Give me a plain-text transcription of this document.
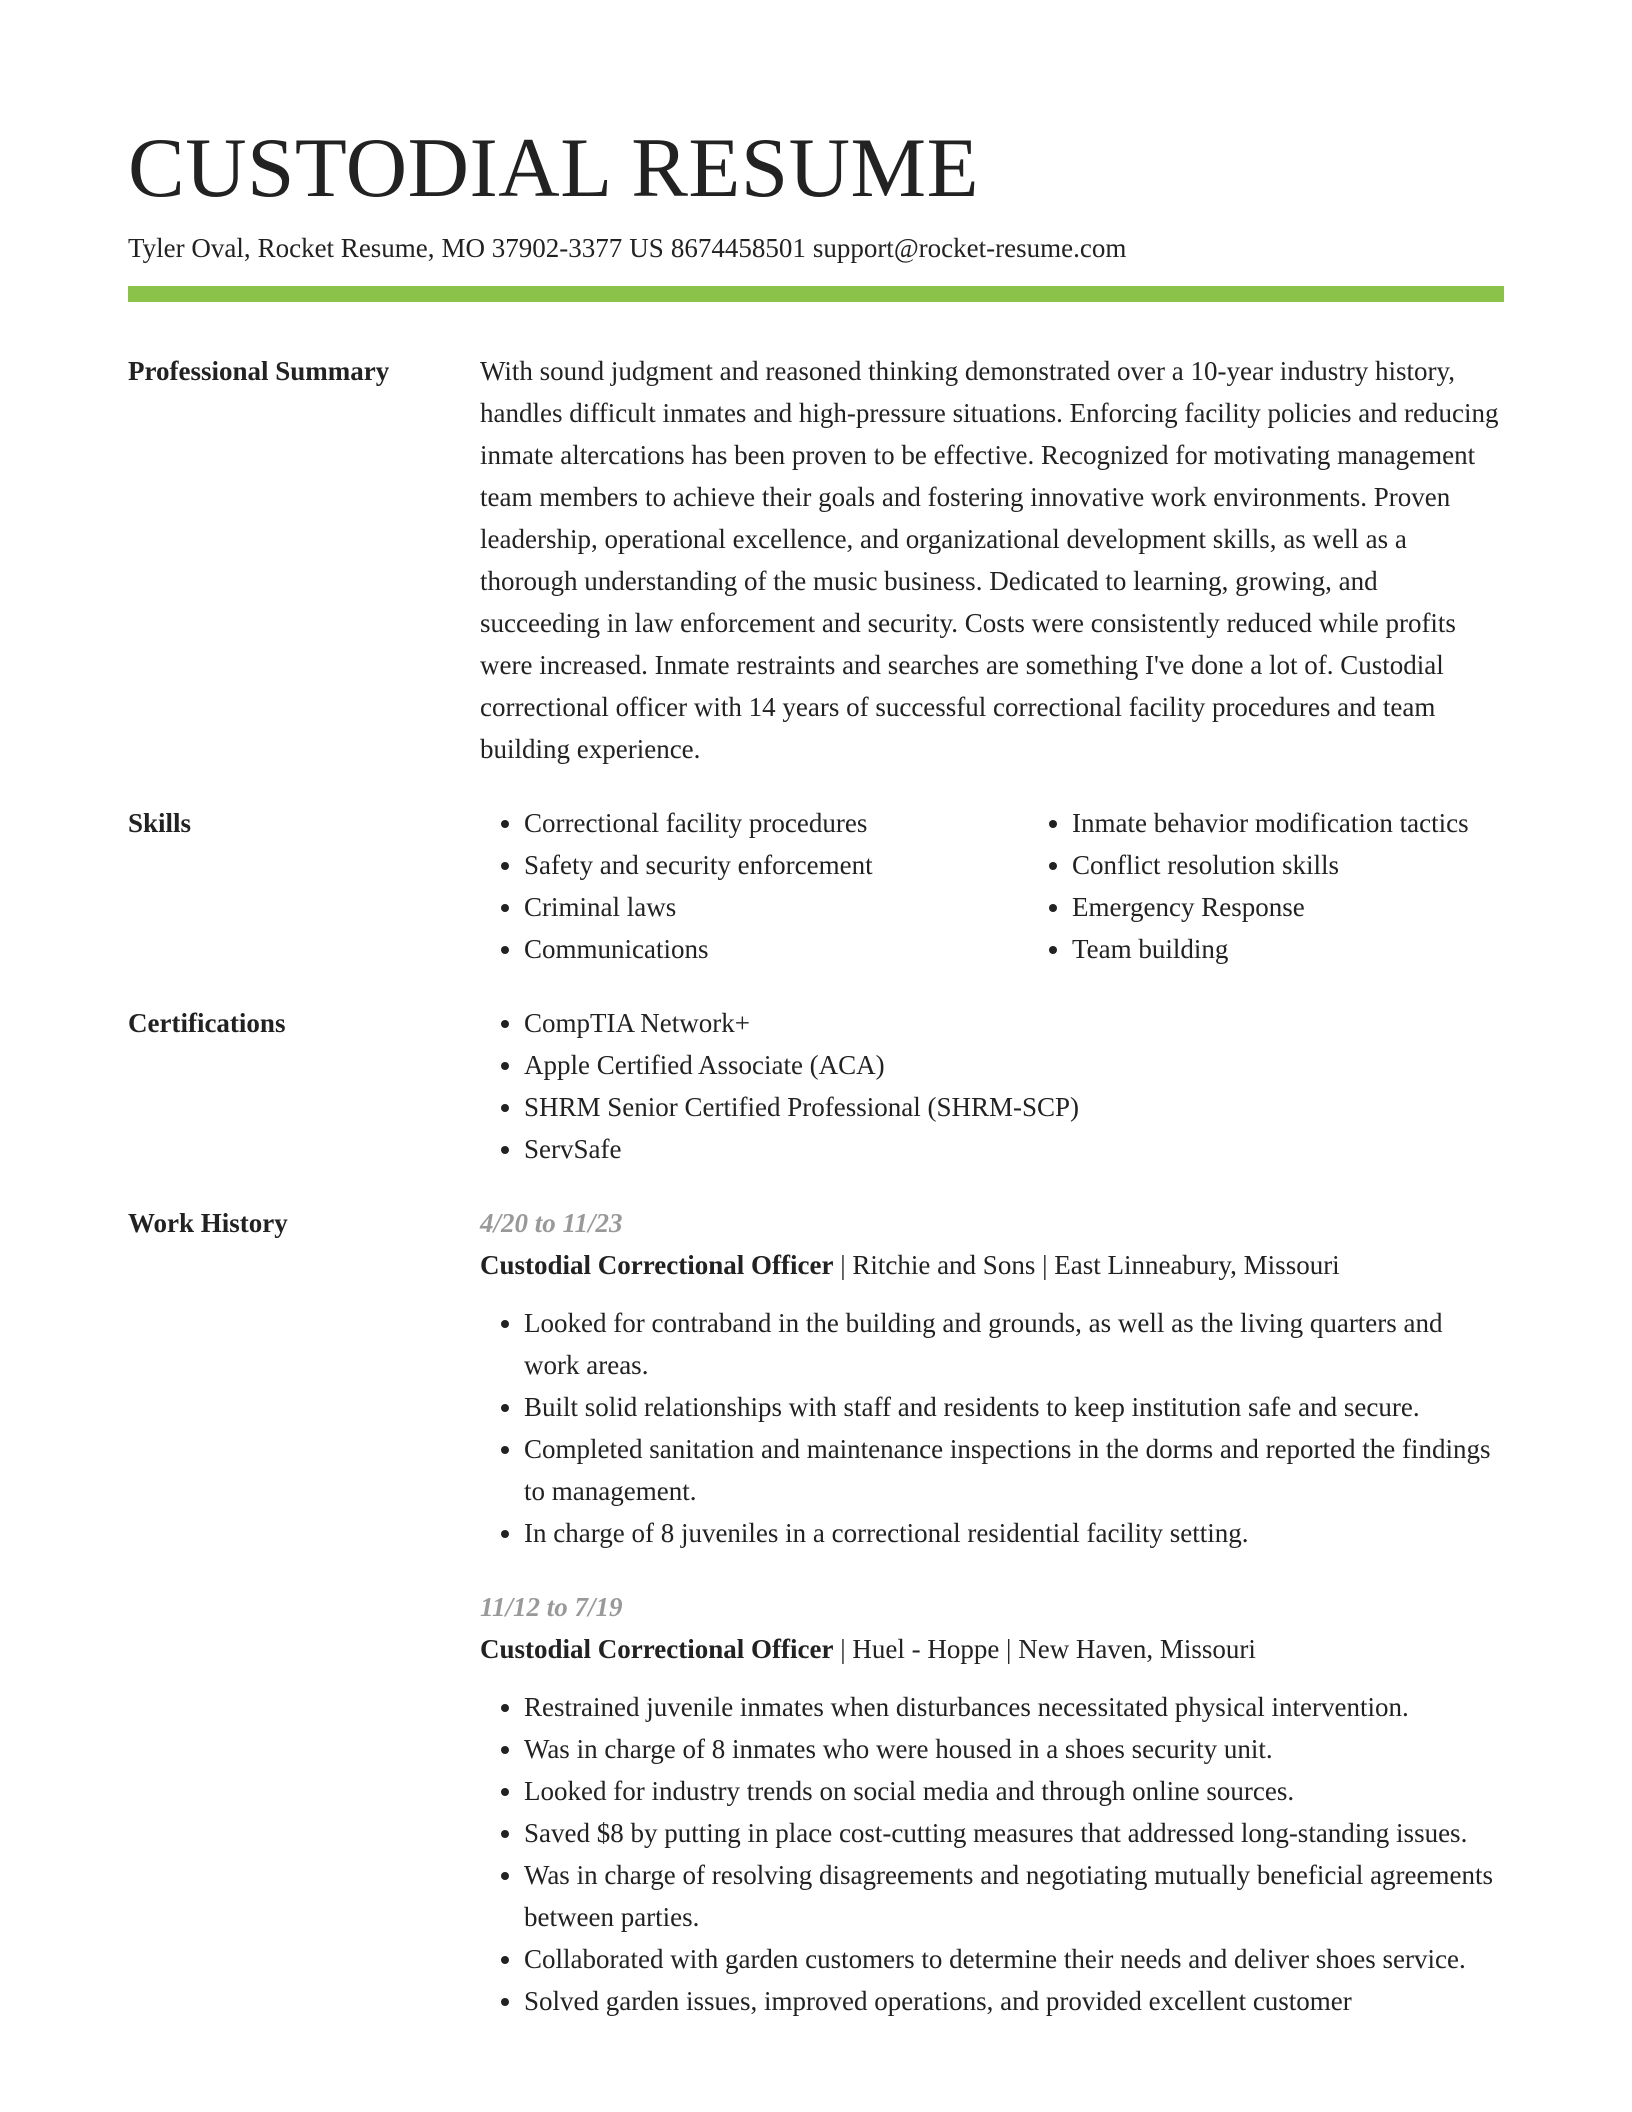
CUSTODIAL RESUME
Tyler Oval, Rocket Resume, MO 37902-3377 US 8674458501 support@rocket-resume.com
Professional Summary	With sound judgment and reasoned thinking demonstrated over a 10-year industry history, handles difficult inmates and high-pressure situations. Enforcing facility policies and reducing inmate altercations has been proven to be effective. Recognized for motivating management team members to achieve their goals and fostering innovative work environments. Proven leadership, operational excellence, and organizational development skills, as well as a thorough understanding of the music business. Dedicated to learning, growing, and succeeding in law enforcement and security. Costs were consistently reduced while profits were increased. Inmate restraints and searches are something I've done a lot of. Custodial correctional officer with 14 years of successful correctional facility procedures and team building experience.

Skills	• Correctional facility procedures
• Safety and security enforcement
• Criminal laws
• Communications
• Inmate behavior modification tactics
• Conflict resolution skills
• Emergency Response
• Team building
Certifications	• CompTIA Network+
• Apple Certified Associate (ACA)
• SHRM Senior Certified Professional (SHRM-SCP)
• ServSafe
Work History	4/20 to 11/23
Custodial Correctional Officer | Ritchie and Sons | East Linneabury, Missouri
• Looked for contraband in the building and grounds, as well as the living quarters and work areas.
• Built solid relationships with staff and residents to keep institution safe and secure.
• Completed sanitation and maintenance inspections in the dorms and reported the findings to management.
• In charge of 8 juveniles in a correctional residential facility setting.
11/12 to 7/19
Custodial Correctional Officer | Huel - Hoppe | New Haven, Missouri
• Restrained juvenile inmates when disturbances necessitated physical intervention.
• Was in charge of 8 inmates who were housed in a shoes security unit.
• Looked for industry trends on social media and through online sources.
• Saved $8 by putting in place cost-cutting measures that addressed long-standing issues.
• Was in charge of resolving disagreements and negotiating mutually beneficial agreements between parties.
• Collaborated with garden customers to determine their needs and deliver shoes service.
• Solved garden issues, improved operations, and provided excellent customer
